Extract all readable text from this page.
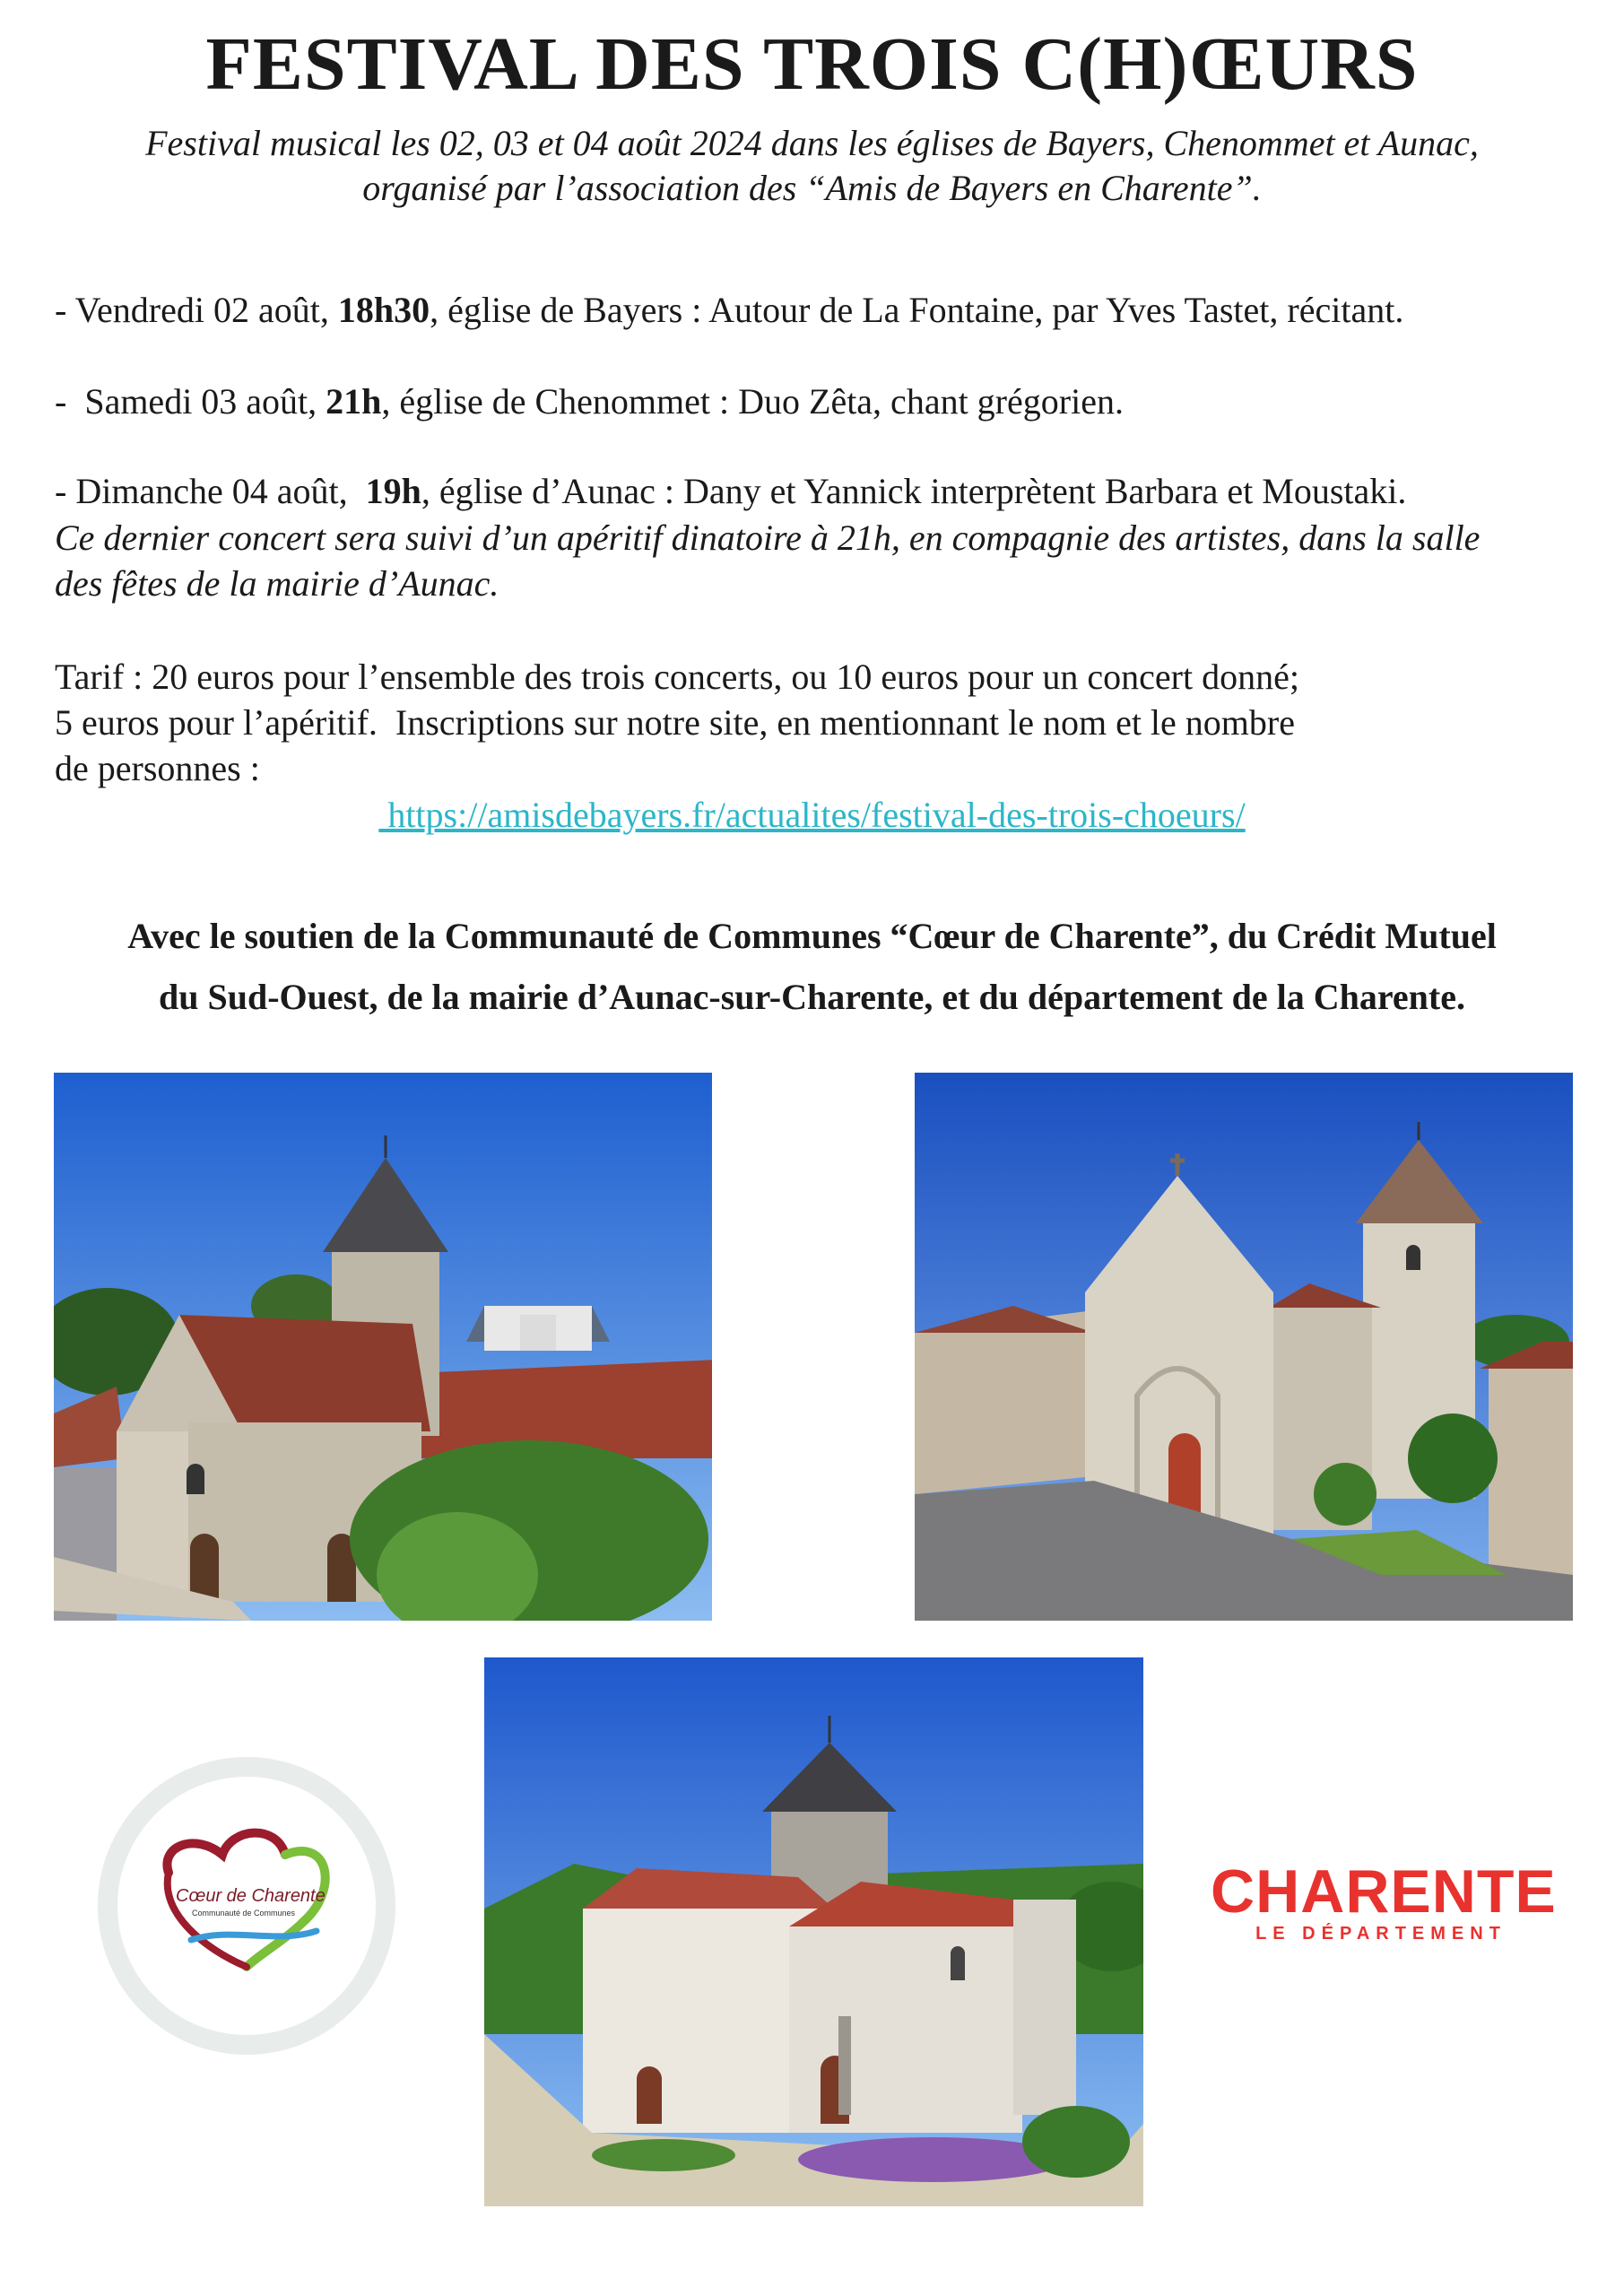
FESTIVAL DES TROIS C(H)ŒURS
Festival musical les 02, 03 et 04 août 2024 dans les églises de Bayers, Chenommet et Aunac,
organisé par l’association des “Amis de Bayers en Charente”.
- Vendredi 02 août, 18h30, église de Bayers : Autour de La Fontaine, par Yves Tastet, récitant.
-  Samedi 03 août, 21h, église de Chenommet : Duo Zêta, chant grégorien.
- Dimanche 04 août,  19h, église d’Aunac : Dany et Yannick interprètent Barbara et Moustaki.
Ce dernier concert sera suivi d’un apéritif dinatoire à 21h, en compagnie des artistes, dans la salle
des fêtes de la mairie d’Aunac.
Tarif : 20 euros pour l’ensemble des trois concerts, ou 10 euros pour un concert donné;
5 euros pour l’apéritif.  Inscriptions sur notre site, en mentionnant le nom et le nombre
de personnes :
https://amisdebayers.fr/actualites/festival-des-trois-choeurs/
Avec le soutien de la Communauté de Communes “Cœur de Charente”, du Crédit Mutuel
du Sud-Ouest, de la mairie d’Aunac-sur-Charente, et du département de la Charente.
Cœur de Charente
Communauté de Communes	CHARENTE
LE DÉPARTEMENT
